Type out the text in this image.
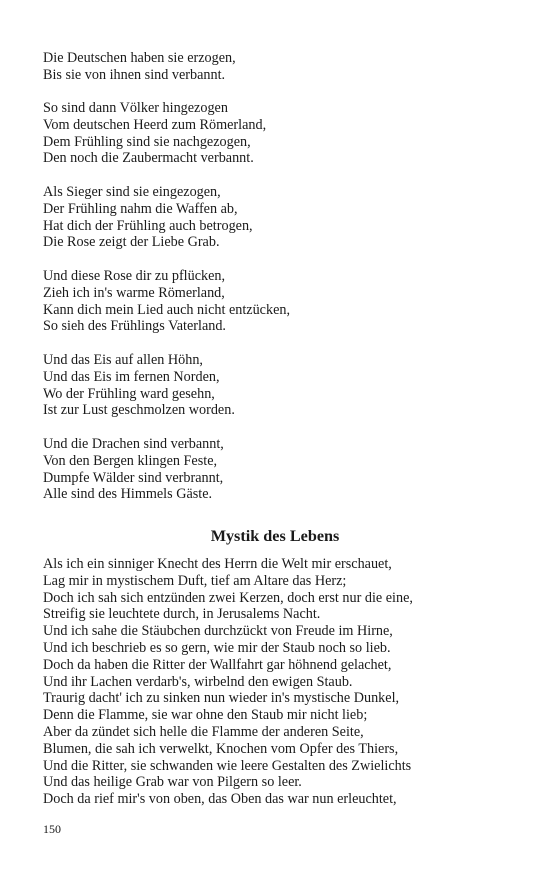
Die Deutschen haben sie erzogen,
Bis sie von ihnen sind verbannt.
So sind dann Völker hingezogen
Vom deutschen Heerd zum Römerland,
Dem Frühling sind sie nachgezogen,
Den noch die Zaubermacht verbannt.
Als Sieger sind sie eingezogen,
Der Frühling nahm die Waffen ab,
Hat dich der Frühling auch betrogen,
Die Rose zeigt der Liebe Grab.
Und diese Rose dir zu pflücken,
Zieh ich in's warme Römerland,
Kann dich mein Lied auch nicht entzücken,
So sieh des Frühlings Vaterland.
Und das Eis auf allen Höhn,
Und das Eis im fernen Norden,
Wo der Frühling ward gesehn,
Ist zur Lust geschmolzen worden.
Und die Drachen sind verbannt,
Von den Bergen klingen Feste,
Dumpfe Wälder sind verbrannt,
Alle sind des Himmels Gäste.
Mystik des Lebens
Als ich ein sinniger Knecht des Herrn die Welt mir erschauet,
Lag mir in mystischem Duft, tief am Altare das Herz;
Doch ich sah sich entzünden zwei Kerzen, doch erst nur die eine,
Streifig sie leuchtete durch, in Jerusalems Nacht.
Und ich sahe die Stäubchen durchzückt von Freude im Hirne,
Und ich beschrieb es so gern, wie mir der Staub noch so lieb.
Doch da haben die Ritter der Wallfahrt gar höhnend gelachet,
Und ihr Lachen verdarb's, wirbelnd den ewigen Staub.
Traurig dacht' ich zu sinken nun wieder in's mystische Dunkel,
Denn die Flamme, sie war ohne den Staub mir nicht lieb;
Aber da zündet sich helle die Flamme der anderen Seite,
Blumen, die sah ich verwelkt, Knochen vom Opfer des Thiers,
Und die Ritter, sie schwanden wie leere Gestalten des Zwielichts
Und das heilige Grab war von Pilgern so leer.
Doch da rief mir's von oben, das Oben das war nun erleuchtet,
150
